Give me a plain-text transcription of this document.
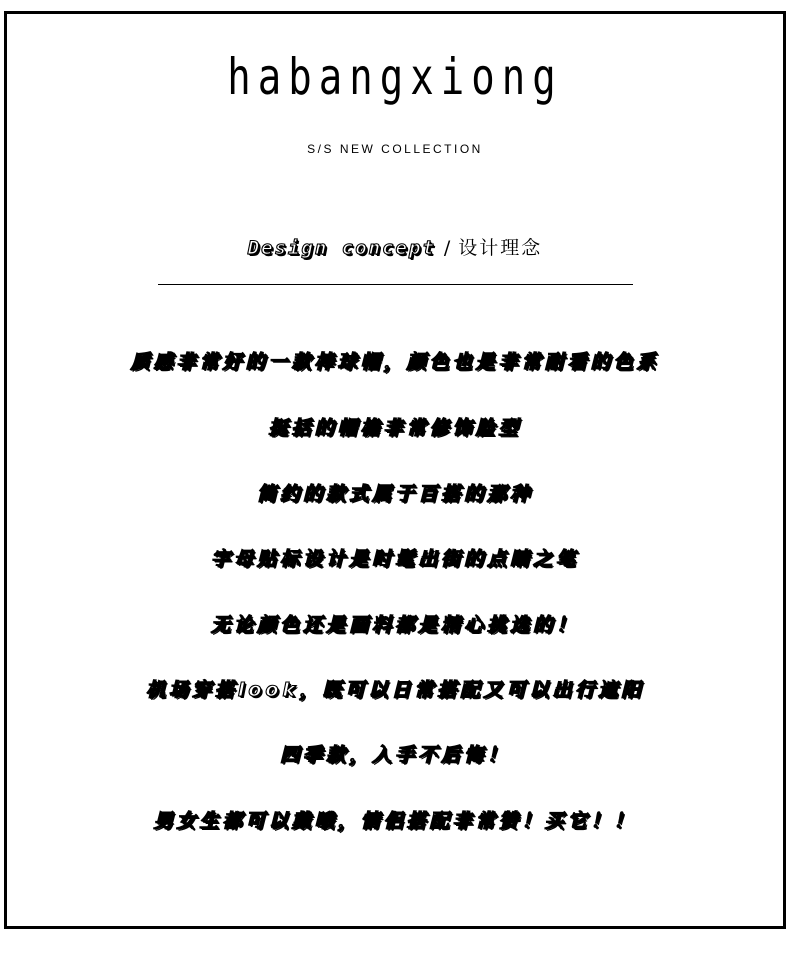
habangxiong
S/S NEW COLLECTION
Design concept / 设计理念
质感非常好的一款棒球帽，颜色也是非常耐看的色系
挺括的帽檐非常修饰脸型
简约的款式属于百搭的那种
字母贴标设计是时髦出街的点睛之笔
无论颜色还是面料都是精心挑选的！
机场穿搭look，既可以日常搭配又可以出行遮阳
四季款，入手不后悔！
男女生都可以戴哦，情侣搭配非常赞！买它！！
